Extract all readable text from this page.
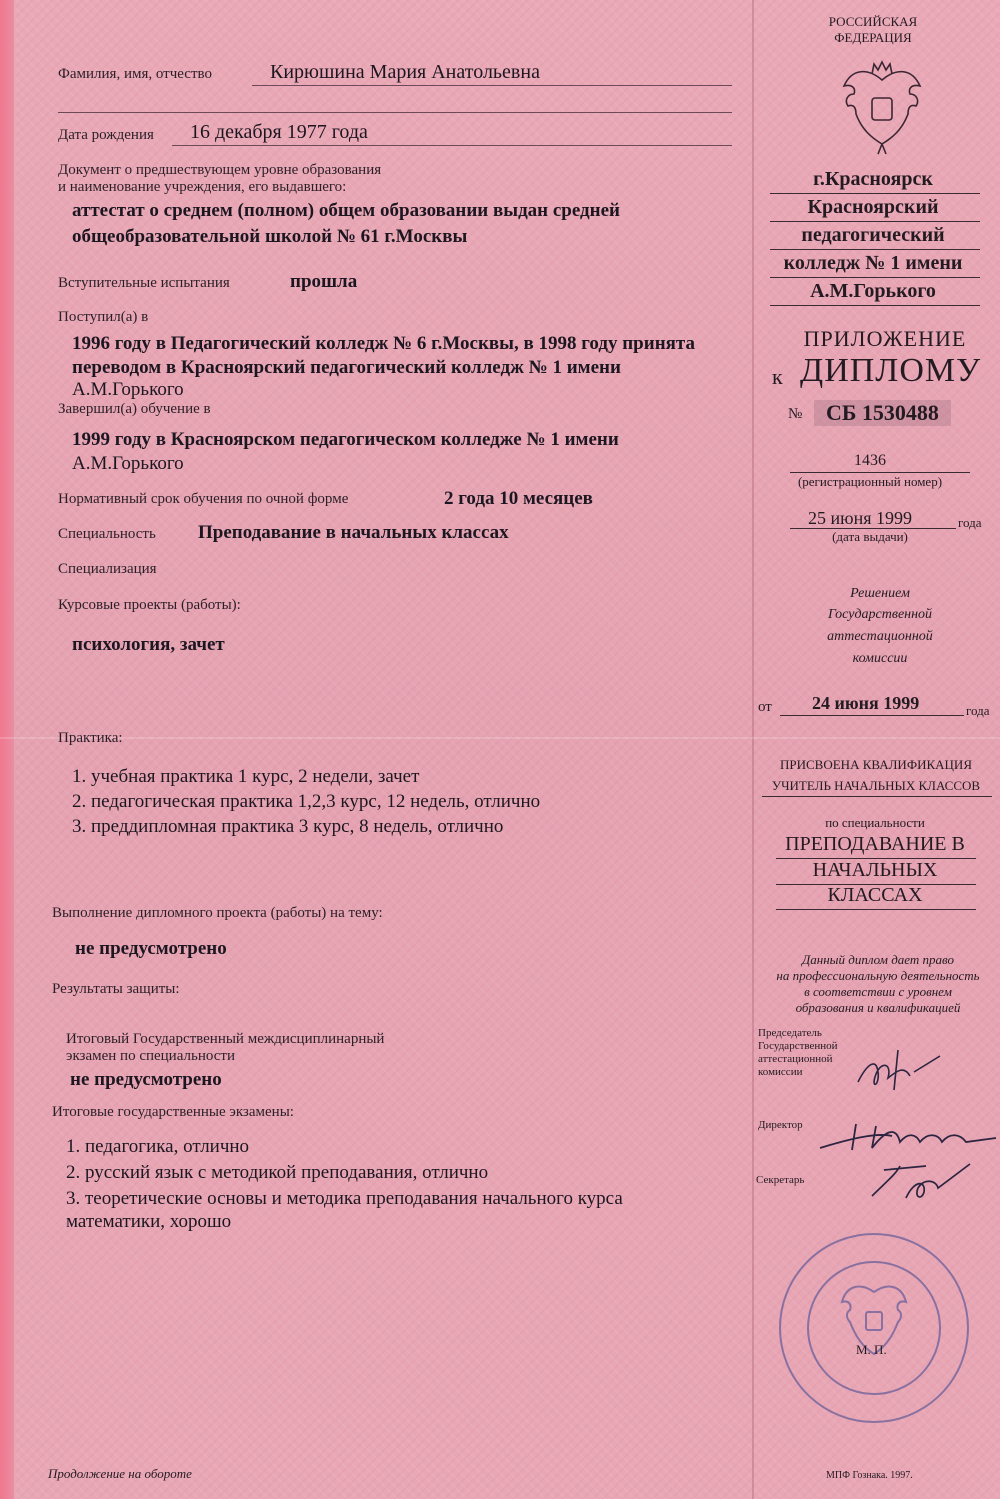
Фамилия, имя, отчество	Кирюшина Мария Анатольевна
Дата рождения 16 декабря 1977 года
Документ о предшествующем уровне образования
и наименование учреждения, его выдавшего:
аттестат о среднем (полном) общем образовании выдан средней
общеобразовательной школой № 61 г.Москвы
Вступительные испытания	прошла
Поступил(а) в
1996 году в Педагогический колледж № 6 г.Москвы, в 1998 году принята
переводом в Красноярский педагогический колледж № 1 имени
А.М.Горького
Завершил(а) обучение в
1999 году в Красноярском педагогическом колледже № 1 имени
А.М.Горького
Нормативный срок обучения по очной форме	2 года 10 месяцев
Специальность Преподавание в начальных классах
Специализация
Курсовые проекты (работы):
психология, зачет
Практика:
1. учебная практика 1 курс, 2 недели, зачет
2. педагогическая практика 1,2,3 курс, 12 недель, отлично
3. преддипломная практика 3 курс, 8 недель, отлично
Выполнение дипломного проекта (работы) на тему:
не предусмотрено
Результаты защиты:
Итоговый Государственный междисциплинарный
экзамен по специальности
не предусмотрено
Итоговые государственные экзамены:
1. педагогика, отлично
2. русский язык с методикой преподавания, отлично
3. теоретические основы и методика преподавания начального курса
математики, хорошо
Продолжение на обороте
РОССИЙСКАЯ
ФЕДЕРАЦИЯ
г.Красноярск
Красноярский
педагогический
колледж № 1 имени
А.М.Горького
ПРИЛОЖЕНИЕ
к ДИПЛОМУ
№	СБ 1530488
1436
(регистрационный номер)
25 июня 1999	года
(дата выдачи)
Решением
Государственной
аттестационной
комиссии
от 24 июня 1999	года
ПРИСВОЕНА КВАЛИФИКАЦИЯ
УЧИТЕЛЬ НАЧАЛЬНЫХ КЛАССОВ
по специальности
ПРЕПОДАВАНИЕ В
НАЧАЛЬНЫХ
КЛАССАХ
Данный диплом дает право
на профессиональную деятельность
в соответствии с уровнем
образования и квалификацией
Председатель
Государственной
аттестационной
комиссии
Директор
Секретарь
М. П.
МПФ Гознака. 1997.
